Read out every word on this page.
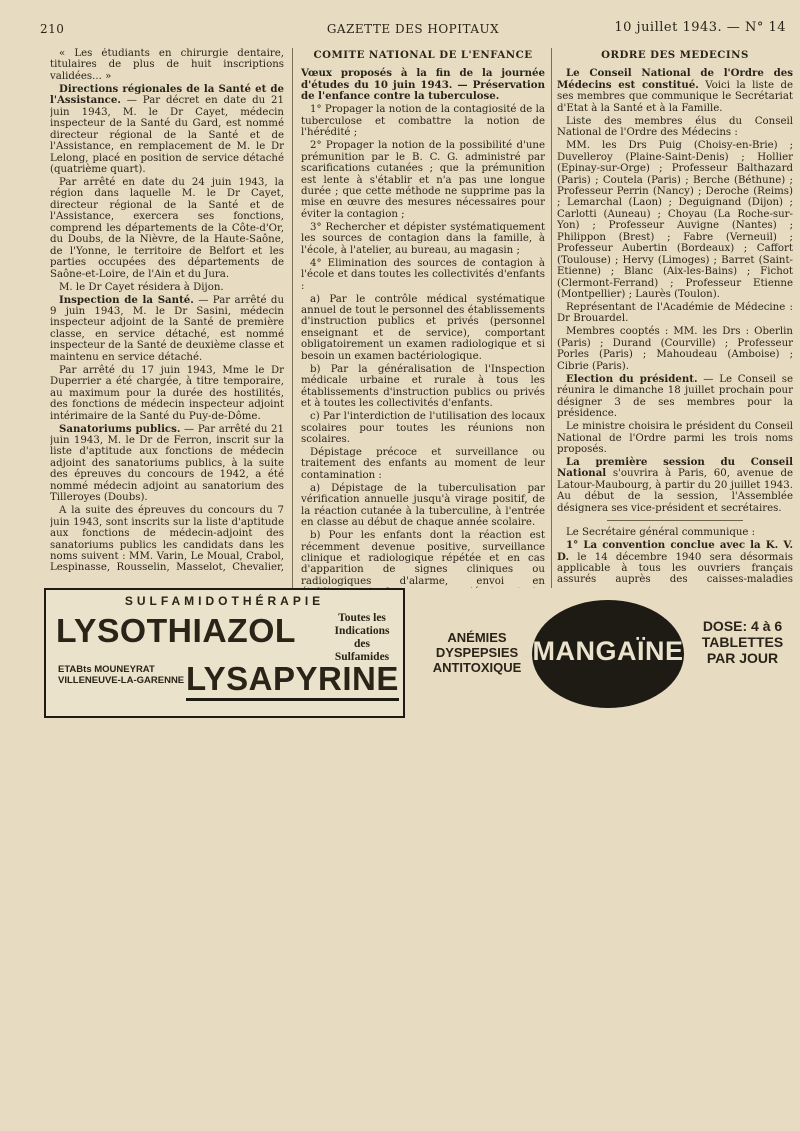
210	GAZETTE DES HOPITAUX	10 juillet 1943. — N° 14

« Les étudiants en chirurgie dentaire, titulaires de plus de huit inscriptions validées... »

Directions régionales de la Santé et de l'Assistance. — Par décret en date du 21 juin 1943, M. le Dr Cayet, médecin inspecteur de la Santé du Gard, est nommé directeur régional de la Santé et de l'Assistance, en remplacement de M. le Dr Lelong, placé en position de service détaché (quatrième quart).

Par arrêté en date du 24 juin 1943, la région dans laquelle M. le Dr Cayet, directeur régional de la Santé et de l'Assistance, exercera ses fonctions, comprend les départements de la Côte-d'Or, du Doubs, de la Nièvre, de la Haute-Saône, de l'Yonne, le territoire de Belfort et les parties occupées des départements de Saône-et-Loire, de l'Ain et du Jura.

M. le Dr Cayet résidera à Dijon.

Inspection de la Santé. — Par arrêté du 9 juin 1943, M. le Dr Sasini, médecin inspecteur adjoint de la Santé de première classe, en service détaché, est nommé inspecteur de la Santé de deuxième classe et maintenu en service détaché.

Par arrêté du 17 juin 1943, Mme le Dr Duperrier a été chargée, à titre temporaire, au maximum pour la durée des hostilités, des fonctions de médecin inspecteur adjoint intérimaire de la Santé du Puy-de-Dôme.

Sanatoriums publics. — Par arrêté du 21 juin 1943, M. le Dr de Ferron, inscrit sur la liste d'aptitude aux fonctions de médecin adjoint des sanatoriums publics, à la suite des épreuves du concours de 1942, a été nommé médecin adjoint au sanatorium des Tilleroyes (Doubs).

A la suite des épreuves du concours du 7 juin 1943, sont inscrits sur la liste d'aptitude aux fonctions de médecin-adjoint des sanatoriums publics les candidats dans les noms suivent : MM. Varin, Le Moual, Crabol, Lespinasse, Rousselin, Masselot, Chevalier,

COMITE NATIONAL DE L'ENFANCE

Vœux proposés à la fin de la journée d'études du 10 juin 1943. — Préservation de l'enfance contre la tuberculose.

1° Propager la notion de la contagiosité de la tuberculose et combattre la notion de l'hérédité ;

2° Propager la notion de la possibilité d'une prémunition par le B. C. G. administré par scarifications cutanées ; que la prémunition est lente à s'établir et n'a pas une longue durée ; que cette méthode ne supprime pas la mise en œuvre des mesures nécessaires pour éviter la contagion ;

3° Rechercher et dépister systématiquement les sources de contagion dans la famille, à l'école, à l'atelier, au bureau, au magasin ;

4° Elimination des sources de contagion à l'école et dans toutes les collectivités d'enfants :

a) Par le contrôle médical systématique annuel de tout le personnel des établissements d'instruction publics et privés (personnel enseignant et de service), comportant obligatoirement un examen radiologique et si besoin un examen bactériologique.

b) Par la généralisation de l'Inspection médicale urbaine et rurale à tous les établissements d'instruction publics ou privés et à toutes les collectivités d'enfants.

c) Par l'interdiction de l'utilisation des locaux scolaires pour toutes les réunions non scolaires.

Dépistage précoce et surveillance ou traitement des enfants au moment de leur contamination :

a) Dépistage de la tuberculisation par vérification annuelle jusqu'à virage positif, de la réaction cutanée à la tuberculine, à l'entrée en classe au début de chaque année scolaire.

b) Pour les enfants dont la réaction est récemment devenue positive, surveillance clinique et radiologique répétée et en cas d'apparition de signes cliniques ou radiologiques d'alarme, envoi en

ORDRE DES MEDECINS

Le Conseil National de l'Ordre des Médecins est constitué. Voici la liste de ses membres que communique le Secrétariat d'Etat à la Santé et à la Famille.

Liste des membres élus du Conseil National de l'Ordre des Médecins :

MM. les Drs Puig (Choisy-en-Brie) ; Duvelleroy (Plaine-Saint-Denis) ; Hollier (Epinay-sur-Orge) ; Professeur Balthazard (Paris) ; Coutela (Paris) ; Berche (Béthune) ; Professeur Perrin (Nancy) ; Deroche (Reims) ; Lemarchal (Laon) ; Deguignand (Dijon) ; Carlotti (Auneau) ; Choyau (La Roche-sur-Yon) ; Professeur Auvigne (Nantes) ; Philippon (Brest) ; Fabre (Verneuil) ; Professeur Aubertin (Bordeaux) ; Caffort (Toulouse) ; Hervy (Limoges) ; Barret (Saint-Etienne) ; Blanc (Aix-les-Bains) ; Fichot (Clermont-Ferrand) ; Professeur Etienne (Montpellier) ; Laurès (Toulon).

Représentant de l'Académie de Médecine : Dr Brouardel.

Membres cooptés : MM. les Drs : Oberlin (Paris) ; Durand (Courville) ; Professeur Porles (Paris) ; Mahoudeau (Amboise) ; Cibrie (Paris).

Election du président. — Le Conseil se réunira le dimanche 18 juillet prochain pour désigner 3 de ses membres pour la présidence.

Le ministre choisira le président du Conseil National de l'Ordre parmi les trois noms proposés.

La première session du Conseil National s'ouvrira à Paris, 60, avenue de Latour-Maubourg, à partir du 20 juillet 1943. Au début de la session, l'Assemblée désignera ses vice-président et secrétaires.

Le Secrétaire général communique :

1° La convention conclue avec la K. V. D. le 14 décembre 1940 sera désormais applicable à tous les ouvriers français assurés auprès des caisses-maladies

SULFAMIDOTHÉRAPIE
LYSOTHIAZOL	Toutes les Indications des Sulfamides
ETABts MOUNEYRAT
VILLENEUVE-LA-GARENNE LYSAPYRINE
ANÉMIES DYSPEPSIES ANTITOXIQUE
MANGAÏNE
DOSE: 4 à 6 TABLETTES PAR JOUR
